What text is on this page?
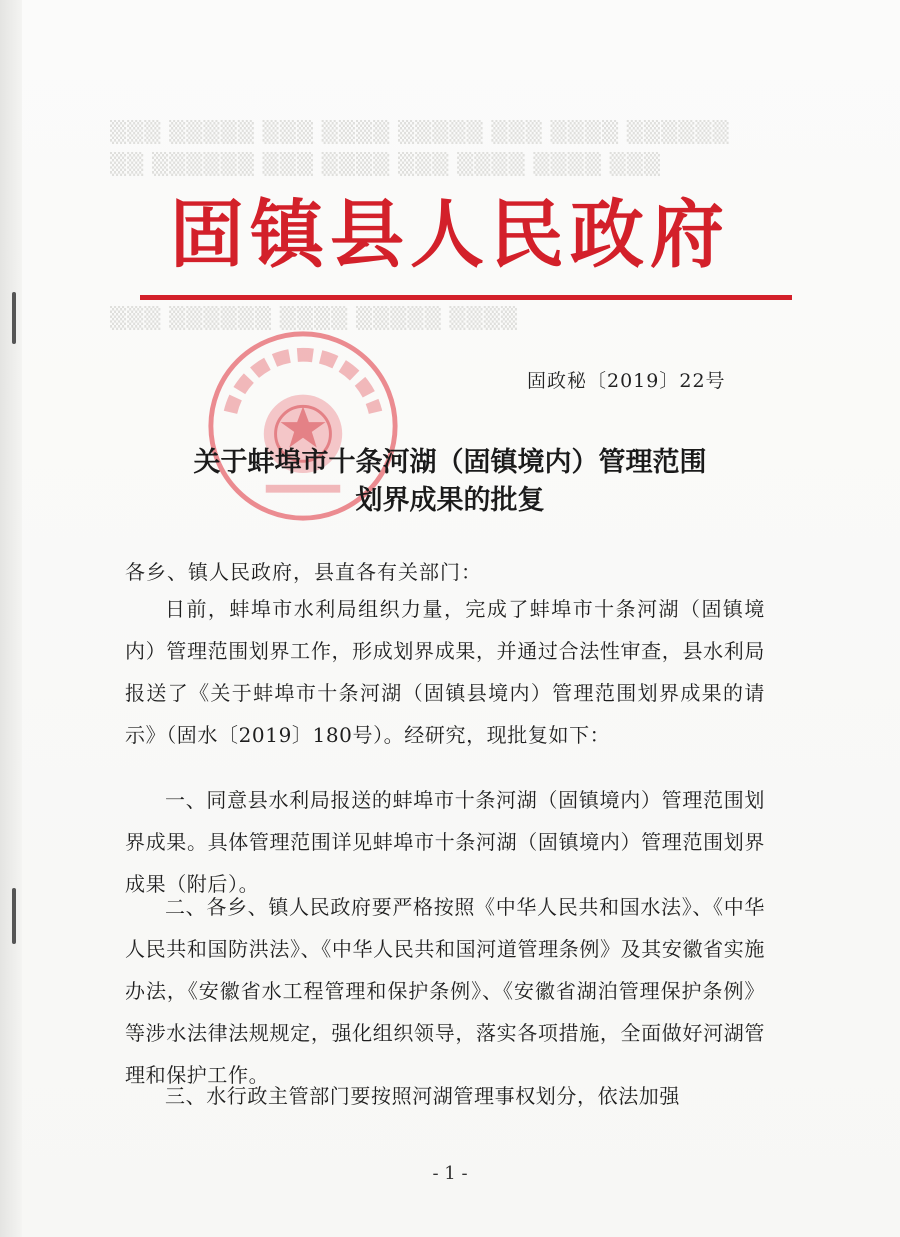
▒▒▒ ▒▒▒▒▒ ▒▒▒ ▒▒▒▒ ▒▒▒▒▒ ▒▒▒ ▒▒▒▒ ▒▒▒▒▒▒
▒▒ ▒▒▒▒▒▒ ▒▒▒ ▒▒▒▒ ▒▒▒ ▒▒▒▒ ▒▒▒▒ ▒▒▒
▒▒▒ ▒▒▒▒▒▒ ▒▒▒▒ ▒▒▒▒▒ ▒▒▒▒
固镇县人民政府
固政秘〔2019〕22号
关于蚌埠市十条河湖（固镇境内）管理范围
划界成果的批复
各乡、镇人民政府，县直各有关部门：
日前，蚌埠市水利局组织力量，完成了蚌埠市十条河湖（固镇境内）管理范围划界工作，形成划界成果，并通过合法性审查，县水利局报送了《关于蚌埠市十条河湖（固镇县境内）管理范围划界成果的请示》（固水〔2019〕180号）。经研究，现批复如下：
一、同意县水利局报送的蚌埠市十条河湖（固镇境内）管理范围划界成果。具体管理范围详见蚌埠市十条河湖（固镇境内）管理范围划界成果（附后）。
二、各乡、镇人民政府要严格按照《中华人民共和国水法》、《中华人民共和国防洪法》、《中华人民共和国河道管理条例》及其安徽省实施办法，《安徽省水工程管理和保护条例》、《安徽省湖泊管理保护条例》等涉水法律法规规定，强化组织领导，落实各项措施，全面做好河湖管理和保护工作。
三、水行政主管部门要按照河湖管理事权划分，依法加强
- 1 -
